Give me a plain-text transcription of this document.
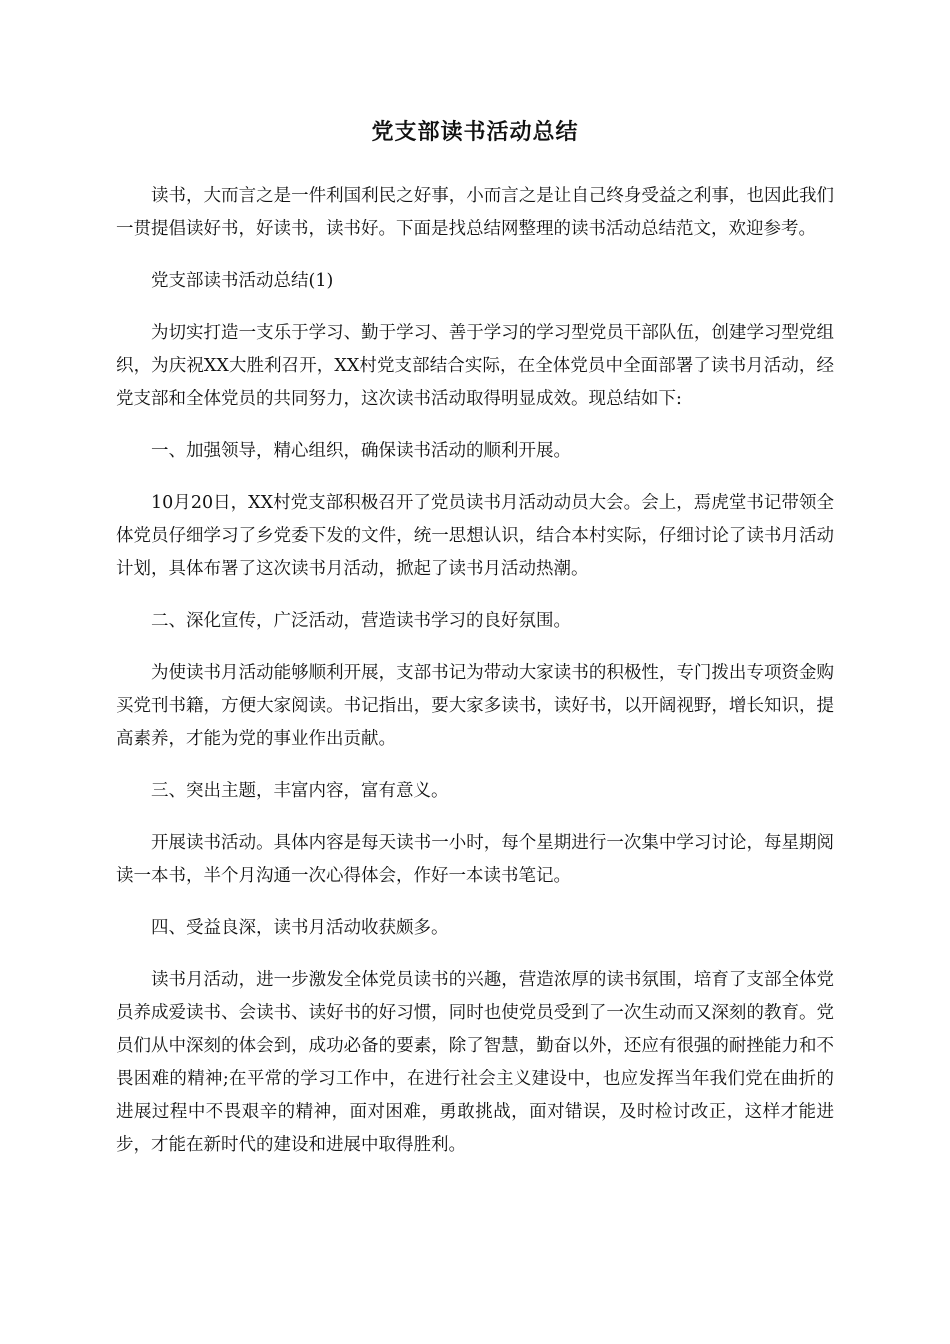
党支部读书活动总结

读书，大而言之是一件利国利民之好事，小而言之是让自己终身受益之利事，也因此我们一贯提倡读好书，好读书，读书好。下面是找总结网整理的读书活动总结范文，欢迎参考。

党支部读书活动总结(1)

为切实打造一支乐于学习、勤于学习、善于学习的学习型党员干部队伍，创建学习型党组织，为庆祝XX大胜利召开，XX村党支部结合实际，在全体党员中全面部署了读书月活动，经党支部和全体党员的共同努力，这次读书活动取得明显成效。现总结如下:

一、加强领导，精心组织，确保读书活动的顺利开展。

10月20日，XX村党支部积极召开了党员读书月活动动员大会。会上，焉虎堂书记带领全体党员仔细学习了乡党委下发的文件，统一思想认识，结合本村实际，仔细讨论了读书月活动计划，具体布署了这次读书月活动，掀起了读书月活动热潮。

二、深化宣传，广泛活动，营造读书学习的良好氛围。

为使读书月活动能够顺利开展，支部书记为带动大家读书的积极性，专门拨出专项资金购买党刊书籍，方便大家阅读。书记指出，要大家多读书，读好书，以开阔视野，增长知识，提高素养，才能为党的事业作出贡献。

三、突出主题，丰富内容，富有意义。

开展读书活动。具体内容是每天读书一小时，每个星期进行一次集中学习讨论，每星期阅读一本书，半个月沟通一次心得体会，作好一本读书笔记。

四、受益良深，读书月活动收获颇多。

读书月活动，进一步激发全体党员读书的兴趣，营造浓厚的读书氛围，培育了支部全体党员养成爱读书、会读书、读好书的好习惯，同时也使党员受到了一次生动而又深刻的教育。党员们从中深刻的体会到，成功必备的要素，除了智慧，勤奋以外，还应有很强的耐挫能力和不畏困难的精神;在平常的学习工作中，在进行社会主义建设中，也应发挥当年我们党在曲折的进展过程中不畏艰辛的精神，面对困难，勇敢挑战，面对错误，及时检讨改正，这样才能进步，才能在新时代的建设和进展中取得胜利。
